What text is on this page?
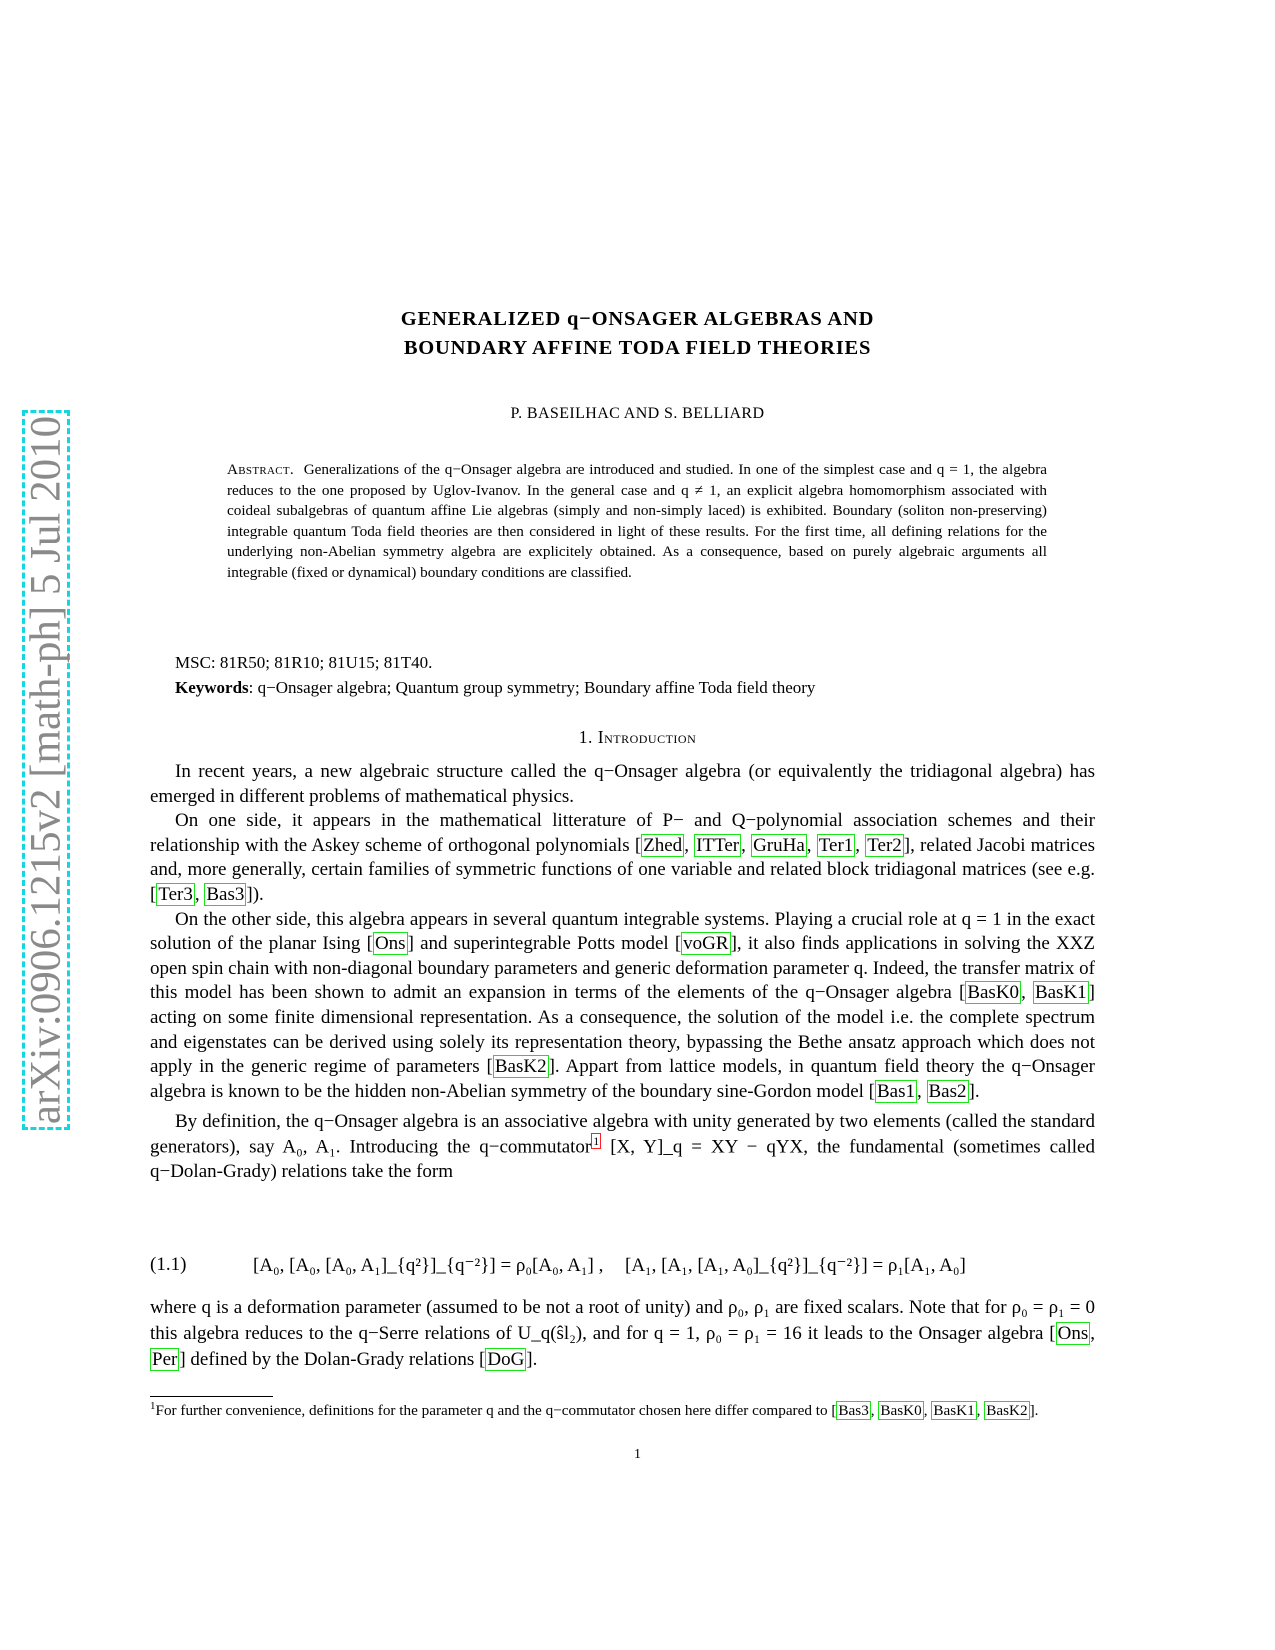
arXiv:0906.1215v2 [math-ph] 5 Jul 2010
GENERALIZED q−ONSAGER ALGEBRAS AND
BOUNDARY AFFINE TODA FIELD THEORIES
P. BASEILHAC AND S. BELLIARD
Abstract. Generalizations of the q−Onsager algebra are introduced and studied. In one of the simplest case and q = 1, the algebra reduces to the one proposed by Uglov-Ivanov. In the general case and q ≠ 1, an explicit algebra homomorphism associated with coideal subalgebras of quantum affine Lie algebras (simply and non-simply laced) is exhibited. Boundary (soliton non-preserving) integrable quantum Toda field theories are then considered in light of these results. For the first time, all defining relations for the underlying non-Abelian symmetry algebra are explicitely obtained. As a consequence, based on purely algebraic arguments all integrable (fixed or dynamical) boundary conditions are classified.
MSC: 81R50; 81R10; 81U15; 81T40.
Keywords: q−Onsager algebra; Quantum group symmetry; Boundary affine Toda field theory
1. Introduction

In recent years, a new algebraic structure called the q−Onsager algebra (or equivalently the tridiagonal algebra) has emerged in different problems of mathematical physics.

On one side, it appears in the mathematical litterature of P− and Q−polynomial association schemes and their relationship with the Askey scheme of orthogonal polynomials [ Zhed , ITTer , GruHa , Ter1 , Ter2 ], related Jacobi matrices and, more generally, certain families of symmetric functions of one variable and related block tridiagonal matrices (see e.g. [ Ter3 , Bas3 ]).

On the other side, this algebra appears in several quantum integrable systems. Playing a crucial role at q = 1 in the exact solution of the planar Ising [ Ons ] and superintegrable Potts model [ voGR ], it also finds applications in solving the XXZ open spin chain with non-diagonal boundary parameters and generic deformation parameter q. Indeed, the transfer matrix of this model has been shown to admit an expansion in terms of the elements of the q−Onsager algebra [ BasK0 , BasK1 ] acting on some finite dimensional representation. As a consequence, the solution of the model i.e. the complete spectrum and eigenstates can be derived using solely its representation theory, bypassing the Bethe ansatz approach which does not apply in the generic regime of parameters [ BasK2 ]. Appart from lattice models, in quantum field theory the q−Onsager algebra is known to be the hidden non-Abelian symmetry of the boundary sine-Gordon model [ Bas1 , Bas2 ].

By definition, the q−Onsager algebra is an associative algebra with unity generated by two elements (called the standard generators), say A₀, A₁. Introducing the q−commutator $^1$ [X, Y]_q = XY − qYX, the fundamental (sometimes called q−Dolan-Grady) relations take the form

(1.1)	[A₀, [A₀, [A₀, A₁]_{q²}]_{q⁻²}] = ρ₀[A₀, A₁] , [A₁, [A₁, [A₁, A₀]_{q²}]_{q⁻²}] = ρ₁[A₁, A₀]

where q is a deformation parameter (assumed to be not a root of unity) and ρ₀, ρ₁ are fixed scalars. Note that for ρ₀ = ρ₁ = 0 this algebra reduces to the q−Serre relations of U_q(ŝl₂), and for q = 1, ρ₀ = ρ₁ = 16 it leads to the Onsager algebra [ Ons , Per ] defined by the Dolan-Grady relations [ DoG ].

$^1$For further convenience, definitions for the parameter q and the q−commutator chosen here differ compared to [ Bas3 , BasK0 , BasK1 , BasK2 ].
1
